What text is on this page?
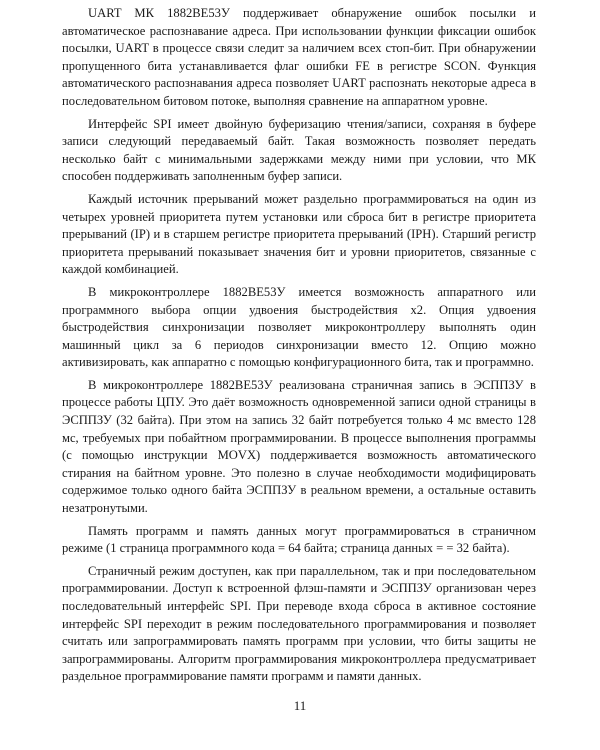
UART МК 1882ВЕ53У поддерживает обнаружение ошибок посылки и автоматическое распознавание адреса. При использовании функции фиксации ошибок посылки, UART в процессе связи следит за наличием всех стоп-бит. При обнаружении пропущенного бита устанавливается флаг ошибки FE в регистре SCON. Функция автоматического распознавания адреса позволяет UART распознать некоторые адреса в последовательном битовом потоке, выполняя сравнение на аппаратном уровне.

Интерфейс SPI имеет двойную буферизацию чтения/записи, сохраняя в буфере записи следующий передаваемый байт. Такая возможность позволяет передать несколько байт с минимальными задержками между ними при условии, что МК способен поддерживать заполненным буфер записи.

Каждый источник прерываний может раздельно программироваться на один из четырех уровней приоритета путем установки или сброса бит в регистре приоритета прерываний (IP) и в старшем регистре приоритета прерываний (IPH). Старший регистр приоритета прерываний показывает значения бит и уровни приоритетов, связанные с каждой комбинацией.

В микроконтроллере 1882ВЕ53У имеется возможность аппаратного или программного выбора опции удвоения быстродействия х2. Опция удвоения быстродействия синхронизации позволяет микроконтроллеру выполнять один машинный цикл за 6 периодов синхронизации вместо 12. Опцию можно активизировать, как аппаратно с помощью конфигурационного бита, так и программно.

В микроконтроллере 1882ВЕ53У реализована страничная запись в ЭСППЗУ в процессе работы ЦПУ. Это даёт возможность одновременной записи одной страницы в ЭСППЗУ (32 байта). При этом на запись 32 байт потребуется только 4 мс вместо 128 мс, требуемых при побайтном программировании. В процессе выполнения программы (с помощью инструкции MOVX) поддерживается возможность автоматического стирания на байтном уровне. Это полезно в случае необходимости модифицировать содержимое только одного байта ЭСППЗУ в реальном времени, а остальные оставить незатронутыми.

Память программ и память данных могут программироваться в страничном режиме (1 страница программного кода = 64 байта; страница данных = = 32 байта).

Страничный режим доступен, как при параллельном, так и при последовательном программировании. Доступ к встроенной флэш-памяти и ЭСППЗУ организован через последовательный интерфейс SPI. При переводе входа сброса в активное состояние интерфейс SPI переходит в режим последовательного программирования и позволяет считать или запрограммировать память программ при условии, что биты защиты не запрограммированы. Алгоритм программирования микроконтроллера предусматривает раздельное программирование памяти программ и памяти данных.

11
